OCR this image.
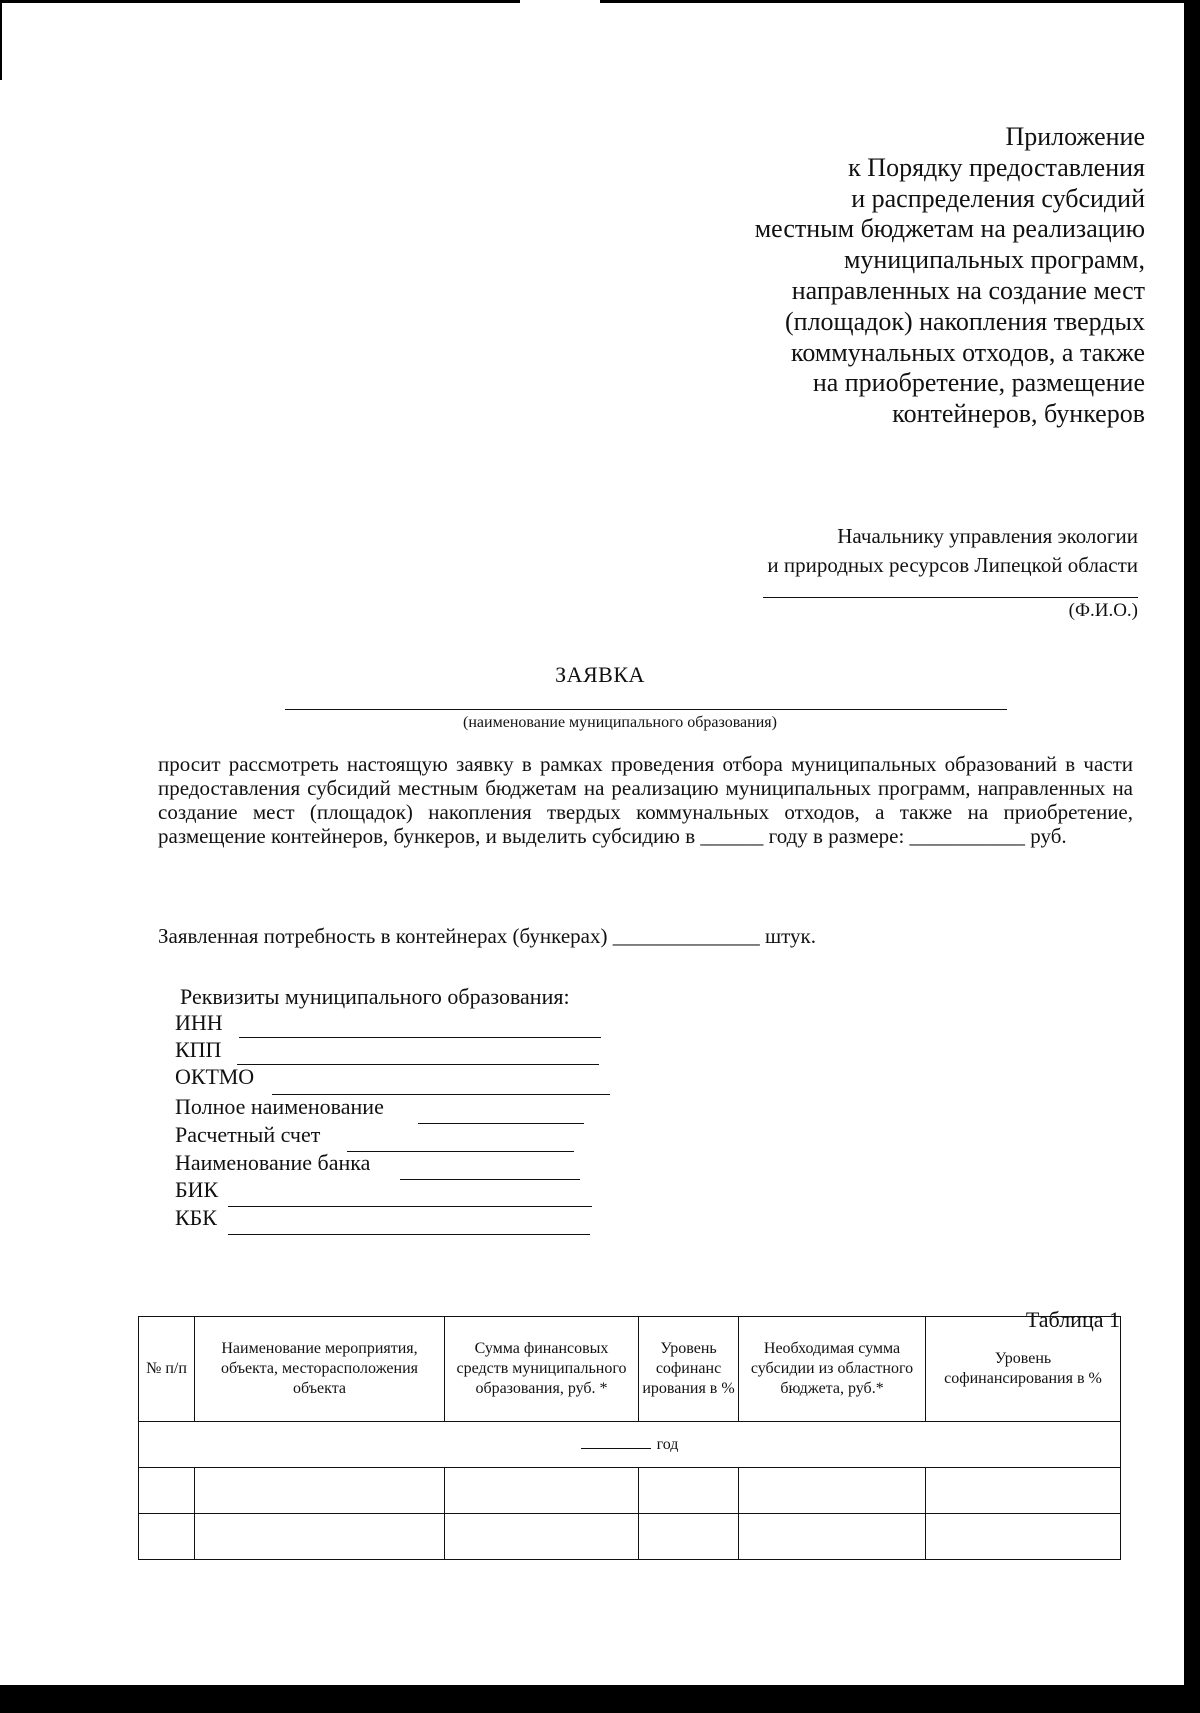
Приложение
к Порядку предоставления
и распределения субсидий
местным бюджетам на реализацию
муниципальных программ,
направленных на создание мест
(площадок) накопления твердых
коммунальных отходов, а также
на приобретение, размещение
контейнеров, бункеров
Начальнику управления экологии
и природных ресурсов Липецкой области
(Ф.И.О.)
ЗАЯВКА
(наименование муниципального образования)
просит рассмотреть настоящую заявку в рамках проведения отбора муниципальных образований в части предоставления субсидий местным бюджетам на реализацию муниципальных программ, направленных на создание мест (площадок) накопления твердых коммунальных отходов, а также на приобретение, размещение контейнеров, бункеров, и выделить субсидию в ______ году в размере: ___________ руб.
Заявленная потребность в контейнерах (бункерах) ______________ штук.
Реквизиты муниципального образования:
ИНН
КПП
ОКТМО
Полное наименование
Расчетный счет
Наименование банка
БИК
КБК
Таблица 1
№ п/п	Наименование мероприятия, объекта, месторасположения объекта	Сумма финансовых средств муниципального образования, руб. *	Уровень софинанс ирования в %	Необходимая сумма субсидии из областного бюджета, руб.*	Уровень софинансирования в %
год					
